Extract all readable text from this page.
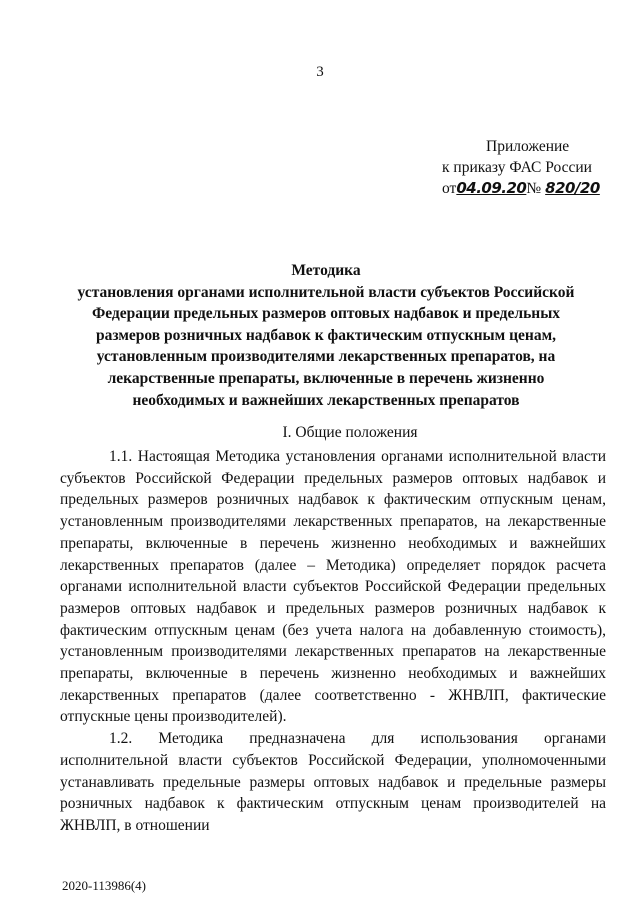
3
Приложение
к приказу ФАС России
от04.09.20№ 820/20
Методика
установления органами исполнительной власти субъектов Российской Федерации предельных размеров оптовых надбавок и предельных размеров розничных надбавок к фактическим отпускным ценам, установленным производителями лекарственных препаратов, на лекарственные препараты, включенные в перечень жизненно необходимых и важнейших лекарственных препаратов
I. Общие положения

1.1. Настоящая Методика установления органами исполнительной власти субъектов Российской Федерации предельных размеров оптовых надбавок и предельных размеров розничных надбавок к фактическим отпускным ценам, установленным производителями лекарственных препаратов, на лекарственные препараты, включенные в перечень жизненно необходимых и важнейших лекарственных препаратов (далее – Методика) определяет порядок расчета органами исполнительной власти субъектов Российской Федерации предельных размеров оптовых надбавок и предельных размеров розничных надбавок к фактическим отпускным ценам (без учета налога на добавленную стоимость), установленным производителями лекарственных препаратов на лекарственные препараты, включенные в перечень жизненно необходимых и важнейших лекарственных препаратов (далее соответственно - ЖНВЛП, фактические отпускные цены производителей).

1.2. Методика предназначена для использования органами исполнительной власти субъектов Российской Федерации, уполномоченными устанавливать предельные размеры оптовых надбавок и предельные размеры розничных надбавок к фактическим отпускным ценам производителей на ЖНВЛП, в отношении

2020-113986(4)
